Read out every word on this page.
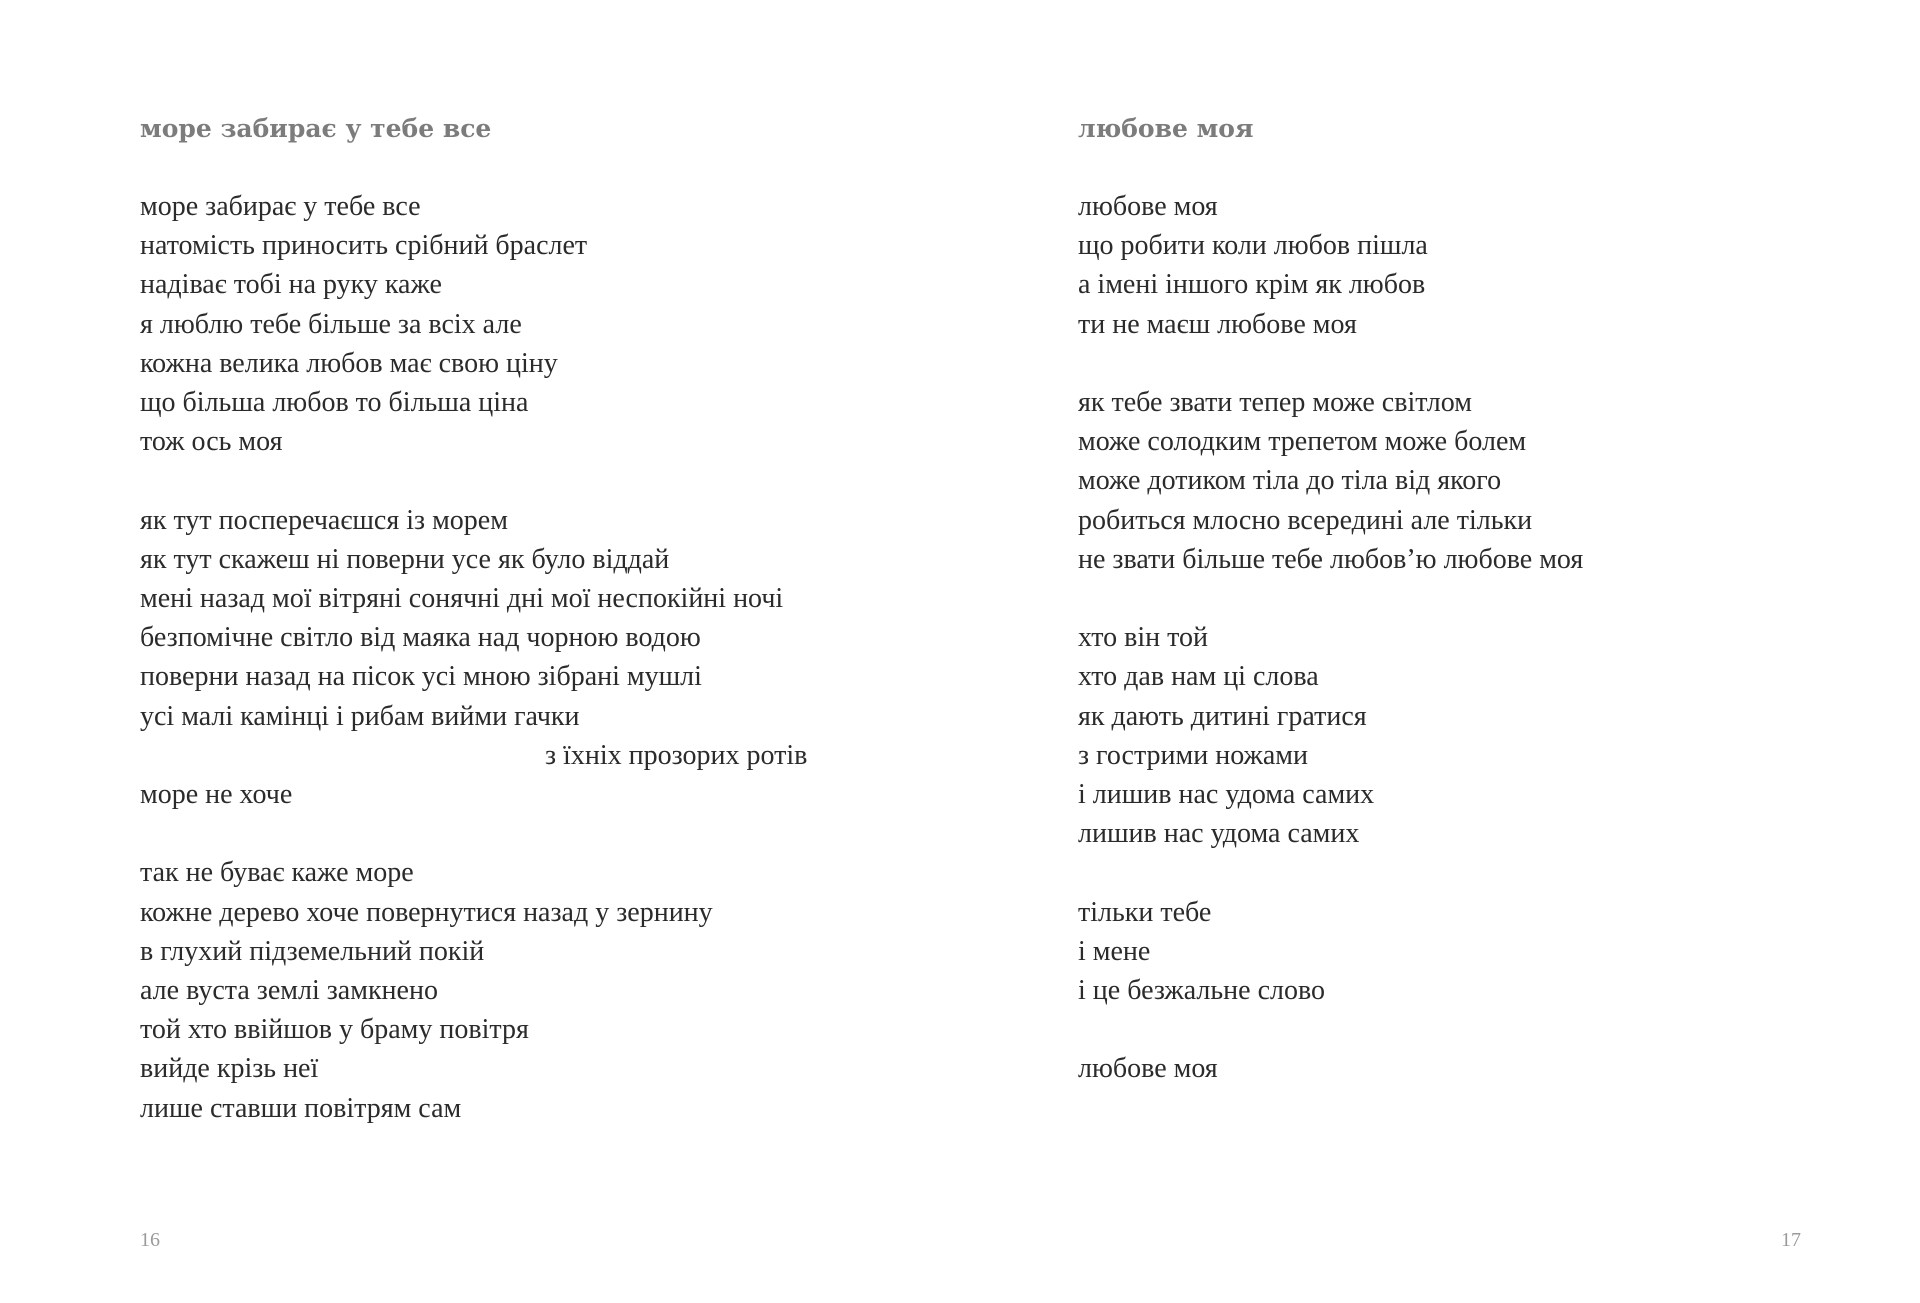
море забирає у тебе все
море забирає у тебе все
натомість приносить срібний браслет
надіває тобі на руку каже
я люблю тебе більше за всіх але
кожна велика любов має свою ціну
що більша любов то більша ціна
тож ось моя
як тут посперечаєшся із морем
як тут скажеш ні поверни усе як було віддай
мені назад мої вітряні сонячні дні мої неспокійні ночі
безпомічне світло від маяка над чорною водою
поверни назад на пісок усі мною зібрані мушлі
усі малі камінці і рибам вийми гачки
з їхніх прозорих ротів
море не хоче
так не буває каже море
кожне дерево хоче повернутися назад у зернину
в глухий підземельний покій
але вуста землі замкнено
той хто ввійшов у браму повітря
вийде крізь неї
лише ставши повітрям сам
16
любове моя
любове моя
що робити коли любов пішла
а імені іншого крім як любов
ти не маєш любове моя
як тебе звати тепер може світлом
може солодким трепетом може болем
може дотиком тіла до тіла від якого
робиться млосно всередині але тільки
не звати більше тебе любов’ю любове моя
хто він той
хто дав нам ці слова
як дають дитині гратися
з гострими ножами
і лишив нас удома самих
лишив нас удома самих
тільки тебе
і мене
і це безжальне слово
любове моя
17
